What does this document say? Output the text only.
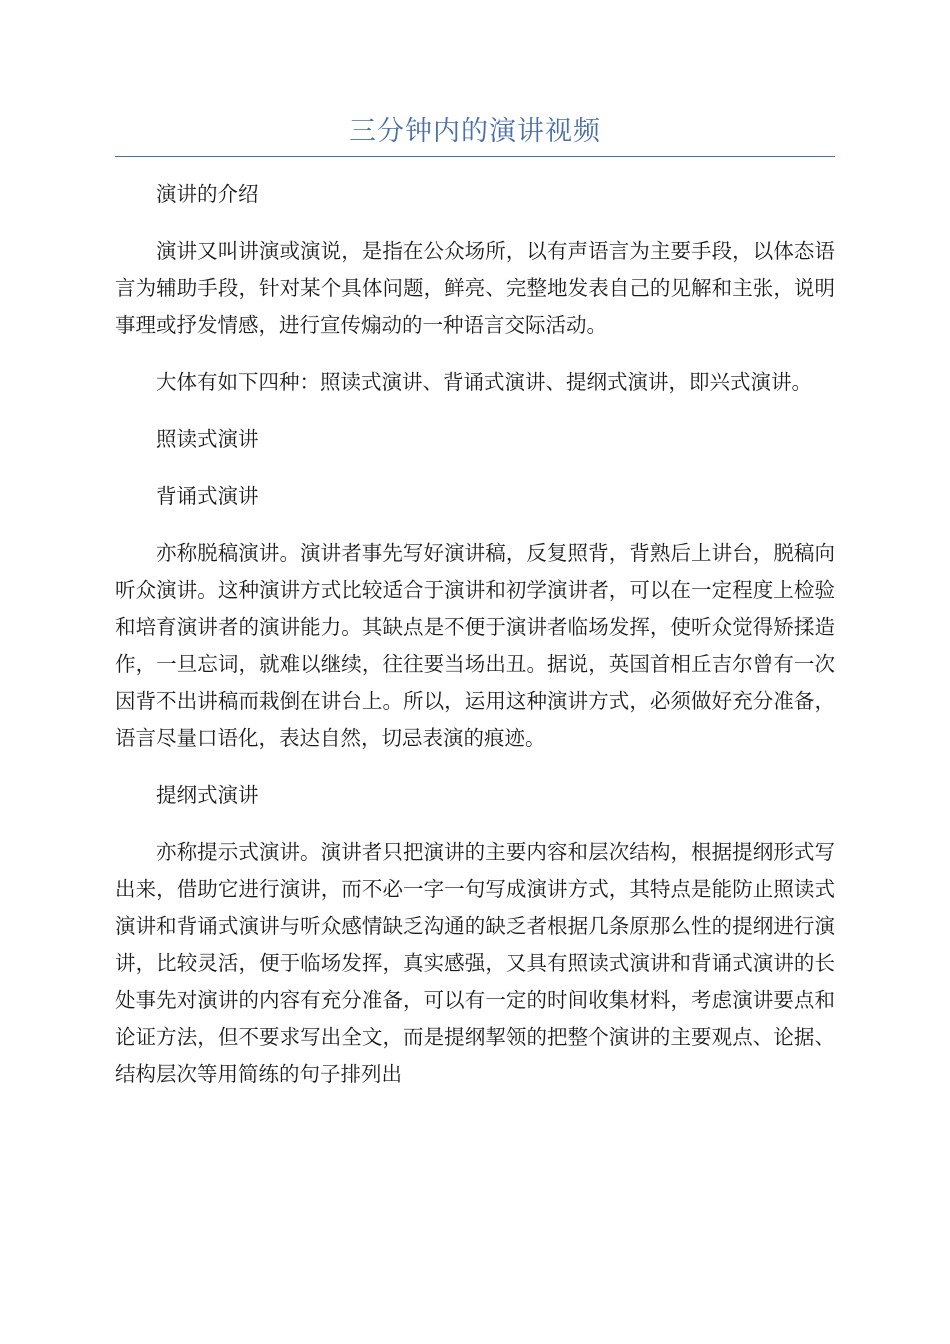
三分钟内的演讲视频

演讲的介绍

演讲又叫讲演或演说，是指在公众场所，以有声语言为主要手段，以体态语言为辅助手段，针对某个具体问题，鲜亮、完整地发表自己的见解和主张，说明事理或抒发情感，进行宣传煽动的一种语言交际活动。

大体有如下四种：照读式演讲、背诵式演讲、提纲式演讲，即兴式演讲。

照读式演讲

背诵式演讲

亦称脱稿演讲。演讲者事先写好演讲稿，反复照背，背熟后上讲台，脱稿向听众演讲。这种演讲方式比较适合于演讲和初学演讲者，可以在一定程度上检验和培育演讲者的演讲能力。其缺点是不便于演讲者临场发挥，使听众觉得矫揉造作，一旦忘词，就难以继续，往往要当场出丑。据说，英国首相丘吉尔曾有一次因背不出讲稿而栽倒在讲台上。所以，运用这种演讲方式，必须做好充分准备，语言尽量口语化，表达自然，切忌表演的痕迹。

提纲式演讲

亦称提示式演讲。演讲者只把演讲的主要内容和层次结构，根据提纲形式写出来，借助它进行演讲，而不必一字一句写成演讲方式，其特点是能防止照读式演讲和背诵式演讲与听众感情缺乏沟通的缺乏者根据几条原那么性的提纲进行演讲，比较灵活，便于临场发挥，真实感强，又具有照读式演讲和背诵式演讲的长处事先对演讲的内容有充分准备，可以有一定的时间收集材料，考虑演讲要点和论证方法，但不要求写出全文，而是提纲挈领的把整个演讲的主要观点、论据、结构层次等用简练的句子排列出
